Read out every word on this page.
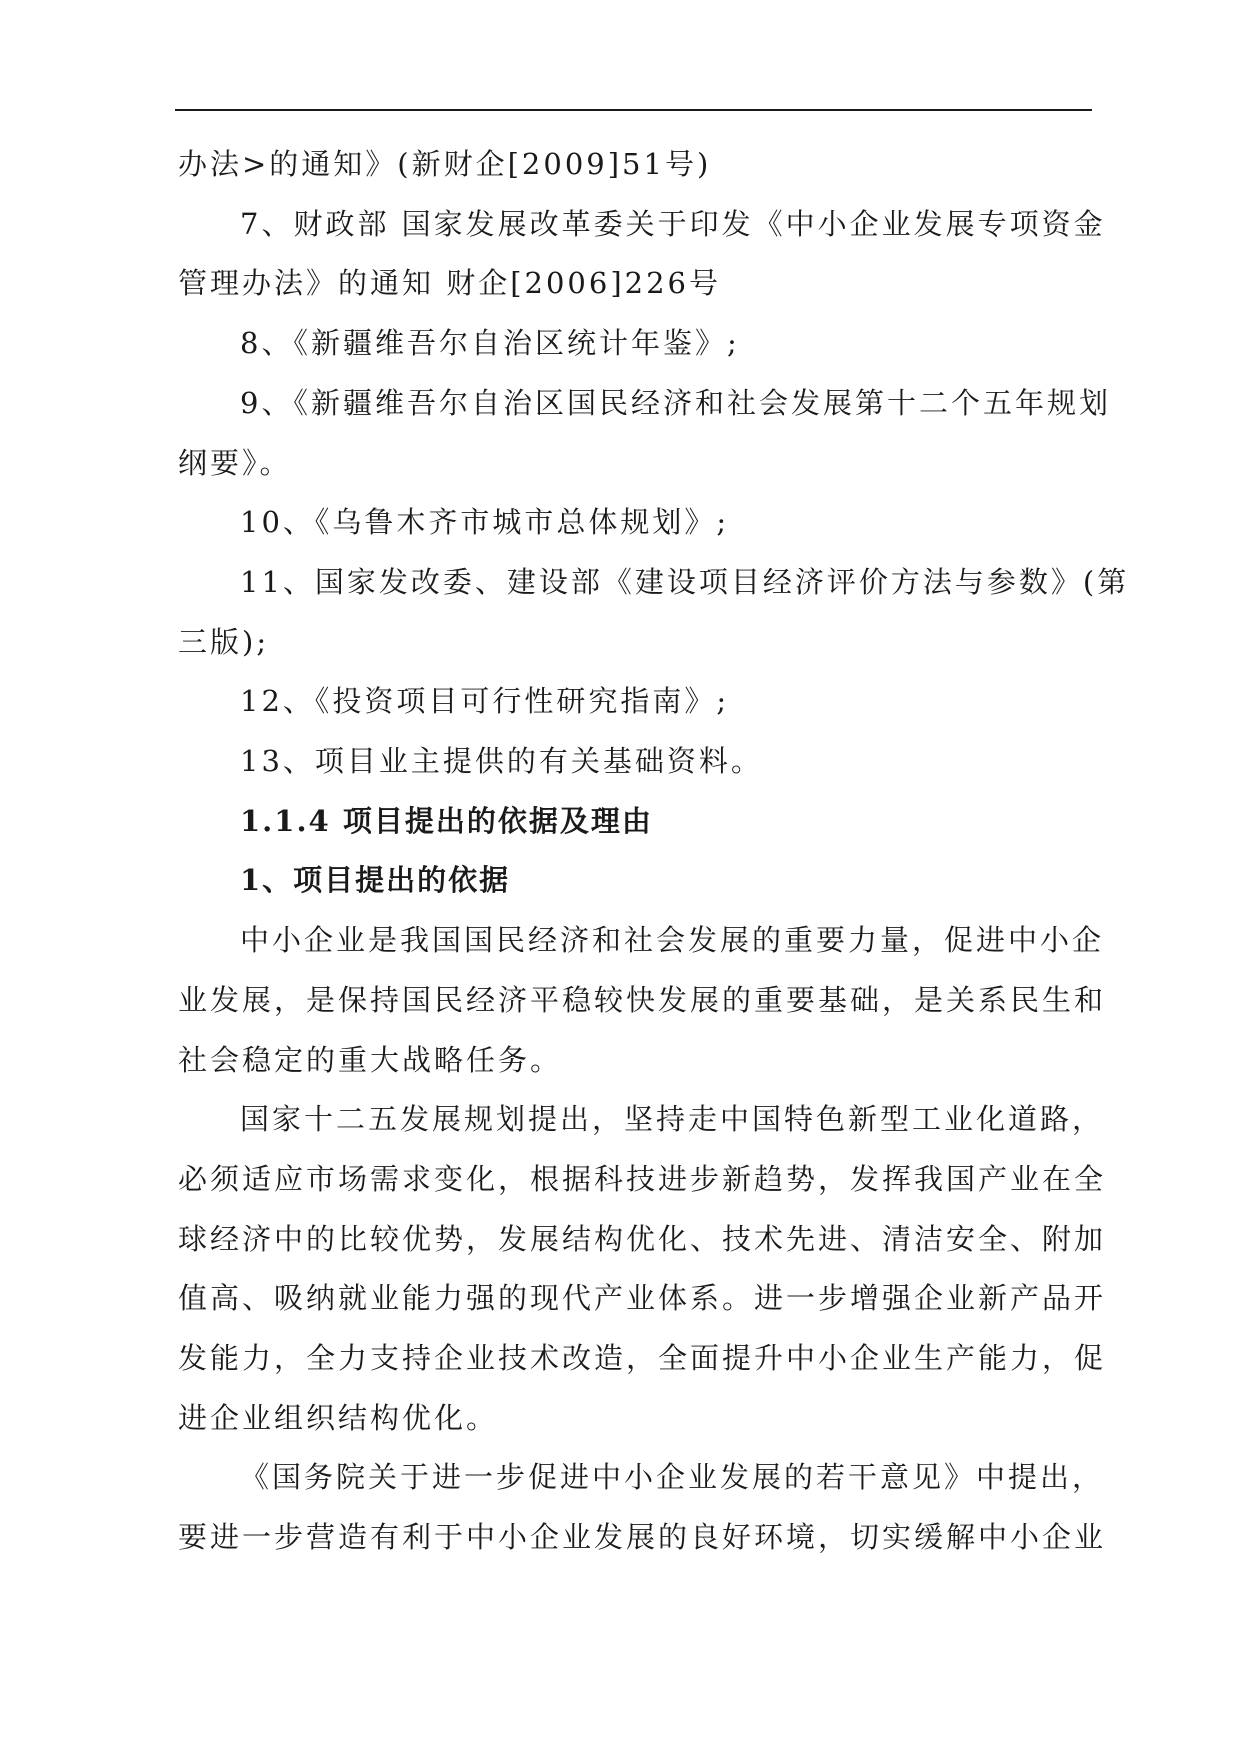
办法>的通知》(新财企[2009]51号)

7、财政部 国家发展改革委关于印发《中小企业发展专项资金

管理办法》的通知 财企[2006]226号

8、《新疆维吾尔自治区统计年鉴》;

9、《新疆维吾尔自治区国民经济和社会发展第十二个五年规划

纲要》。

10、《乌鲁木齐市城市总体规划》;

11、国家发改委、建设部《建设项目经济评价方法与参数》(第

三版);

12、《投资项目可行性研究指南》;

13、项目业主提供的有关基础资料。

1.1.4 项目提出的依据及理由

1、项目提出的依据

中小企业是我国国民经济和社会发展的重要力量，促进中小企

业发展，是保持国民经济平稳较快发展的重要基础，是关系民生和

社会稳定的重大战略任务。

国家十二五发展规划提出，坚持走中国特色新型工业化道路，

必须适应市场需求变化，根据科技进步新趋势，发挥我国产业在全

球经济中的比较优势，发展结构优化、技术先进、清洁安全、附加

值高、吸纳就业能力强的现代产业体系。进一步增强企业新产品开

发能力，全力支持企业技术改造，全面提升中小企业生产能力，促

进企业组织结构优化。

《国务院关于进一步促进中小企业发展的若干意见》中提出，

要进一步营造有利于中小企业发展的良好环境，切实缓解中小企业
